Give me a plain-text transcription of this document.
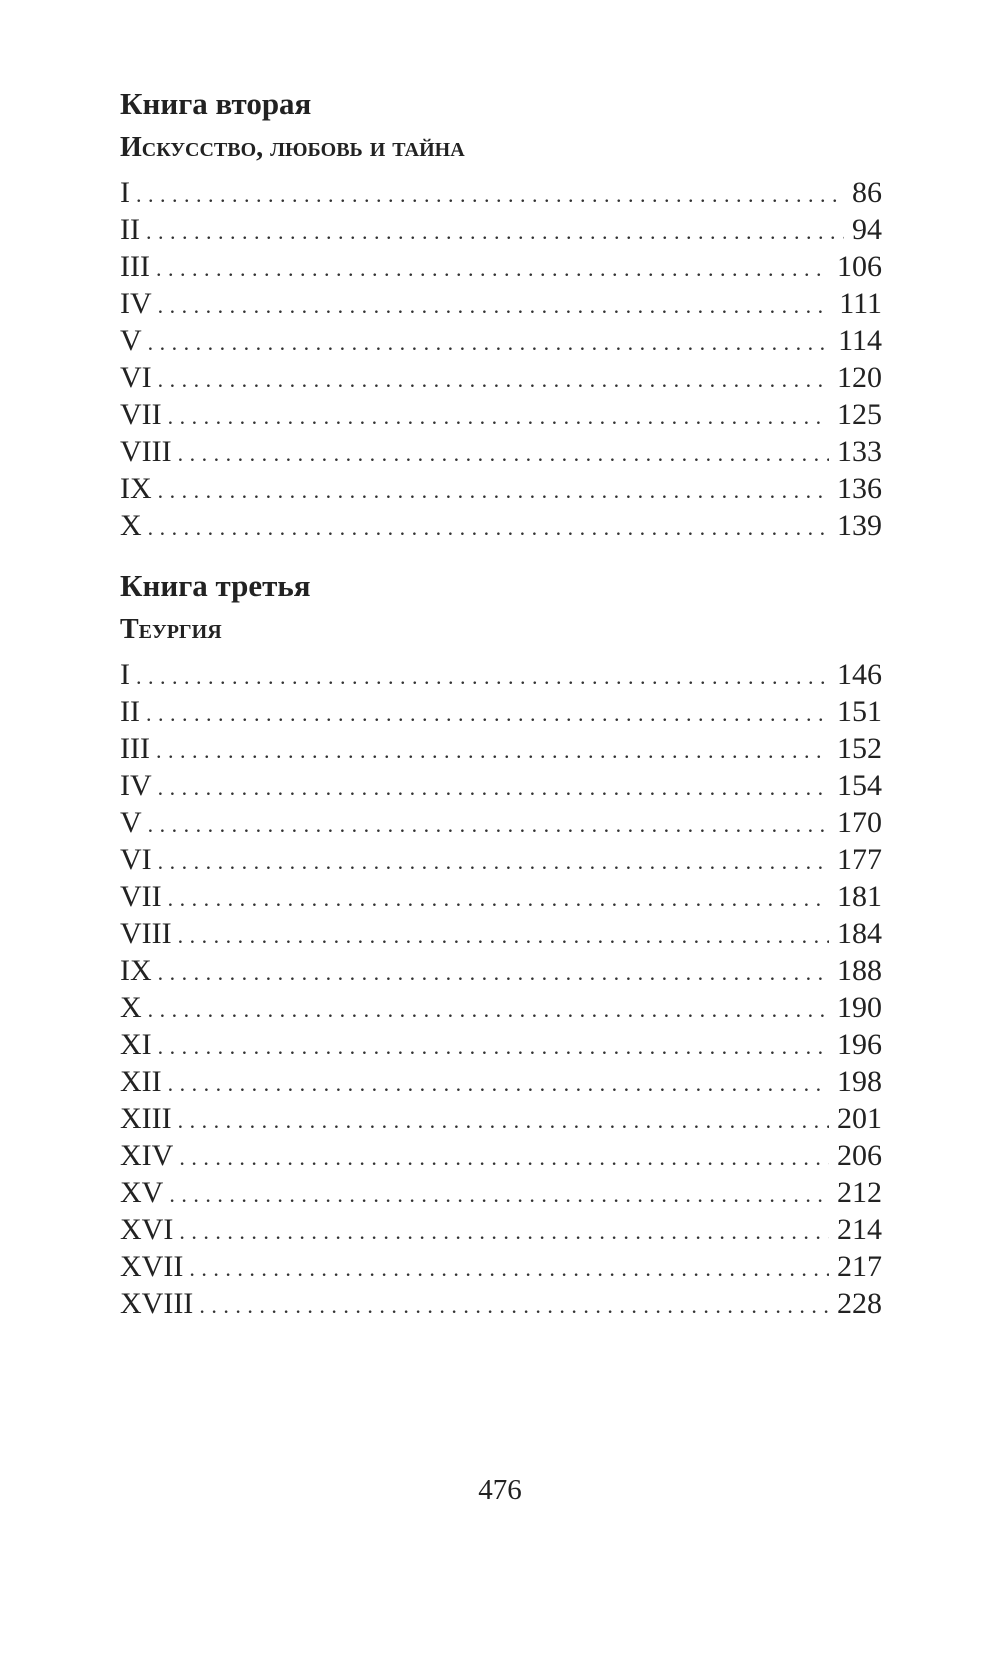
Книга вторая
Искусство, любовь и тайна
I . . .	86
II . . .	94
III . . .	106
IV . . .	111
V . . .	114
VI . . .	120
VII . . .	125
VIII . . .	133
IX . . .	136
X . . .	139
Книга третья
Теургия
I . . .	146
II . . .	151
III . . .	152
IV . . .	154
V . . .	170
VI . . .	177
VII . . .	181
VIII . . .	184
IX . . .	188
X . . .	190
XI . . .	196
XII . . .	198
XIII . . .	201
XIV . . .	206
XV . . .	212
XVI . . .	214
XVII . . .	217
XVIII . . .	228
476
